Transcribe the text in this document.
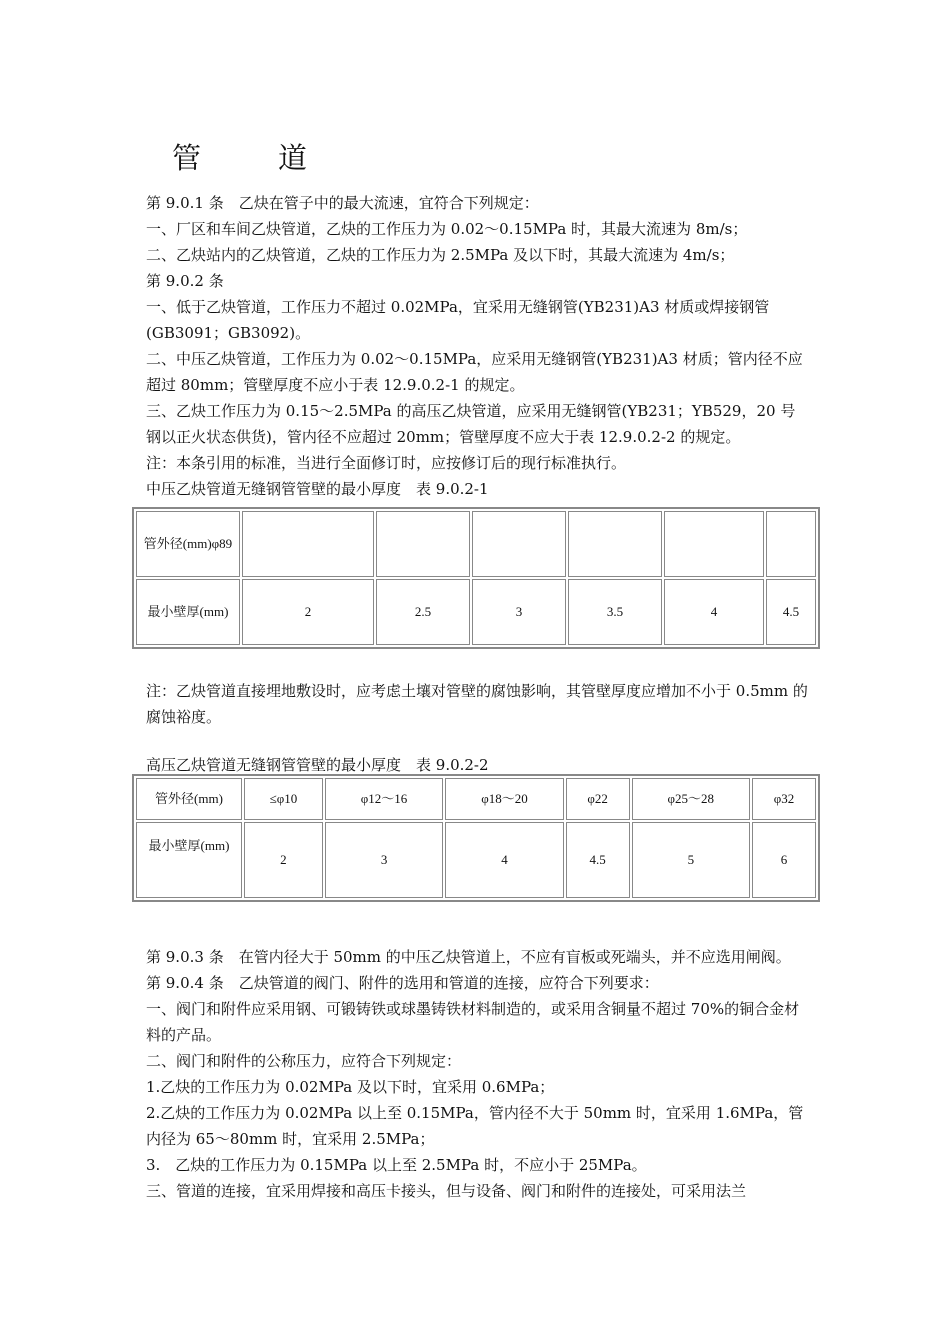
管　道

第 9.0.1 条　乙炔在管子中的最大流速，宜符合下列规定：

一、厂区和车间乙炔管道，乙炔的工作压力为 0.02～0.15MPa 时，其最大流速为 8m/s；

二、乙炔站内的乙炔管道，乙炔的工作压力为 2.5MPa 及以下时，其最大流速为 4m/s；

第 9.0.2 条

一、低于乙炔管道，工作压力不超过 0.02MPa，宜采用无缝钢管(YB231)A3 材质或焊接钢管(GB3091；GB3092)。

二、中压乙炔管道，工作压力为 0.02～0.15MPa，应采用无缝钢管(YB231)A3 材质；管内径不应超过 80mm；管壁厚度不应小于表 12.9.0.2-1 的规定。

三、乙炔工作压力为 0.15～2.5MPa 的高压乙炔管道，应采用无缝钢管(YB231；YB529，20 号钢以正火状态供货)，管内径不应超过 20mm；管壁厚度不应大于表 12.9.0.2-2 的规定。

注：本条引用的标准，当进行全面修订时，应按修订后的现行标准执行。

中压乙炔管道无缝钢管管壁的最小厚度　表 9.0.2-1

管外径(mm)φ89						
最小壁厚(mm)	2	2.5	3	3.5	4	4.5

注：乙炔管道直接埋地敷设时，应考虑土壤对管壁的腐蚀影响，其管壁厚度应增加不小于 0.5mm 的腐蚀裕度。

高压乙炔管道无缝钢管管壁的最小厚度　表 9.0.2-2

管外径(mm)	≤φ10	φ12～16	φ18～20	φ22	φ25～28	φ32
最小壁厚(mm)	2	3	4	4.5	5	6

第 9.0.3 条　在管内径大于 50mm 的中压乙炔管道上，不应有盲板或死端头，并不应选用闸阀。

第 9.0.4 条　乙炔管道的阀门、附件的选用和管道的连接，应符合下列要求：

一、阀门和附件应采用钢、可锻铸铁或球墨铸铁材料制造的，或采用含铜量不超过 70%的铜合金材料的产品。

二、阀门和附件的公称压力，应符合下列规定：

1.乙炔的工作压力为 0.02MPa 及以下时，宜采用 0.6MPa；

2.乙炔的工作压力为 0.02MPa 以上至 0.15MPa，管内径不大于 50mm 时，宜采用 1.6MPa，管内径为 65～80mm 时，宜采用 2.5MPa；

3.　乙炔的工作压力为 0.15MPa 以上至 2.5MPa 时，不应小于 25MPa。

三、管道的连接，宜采用焊接和高压卡接头，但与设备、阀门和附件的连接处，可采用法兰
